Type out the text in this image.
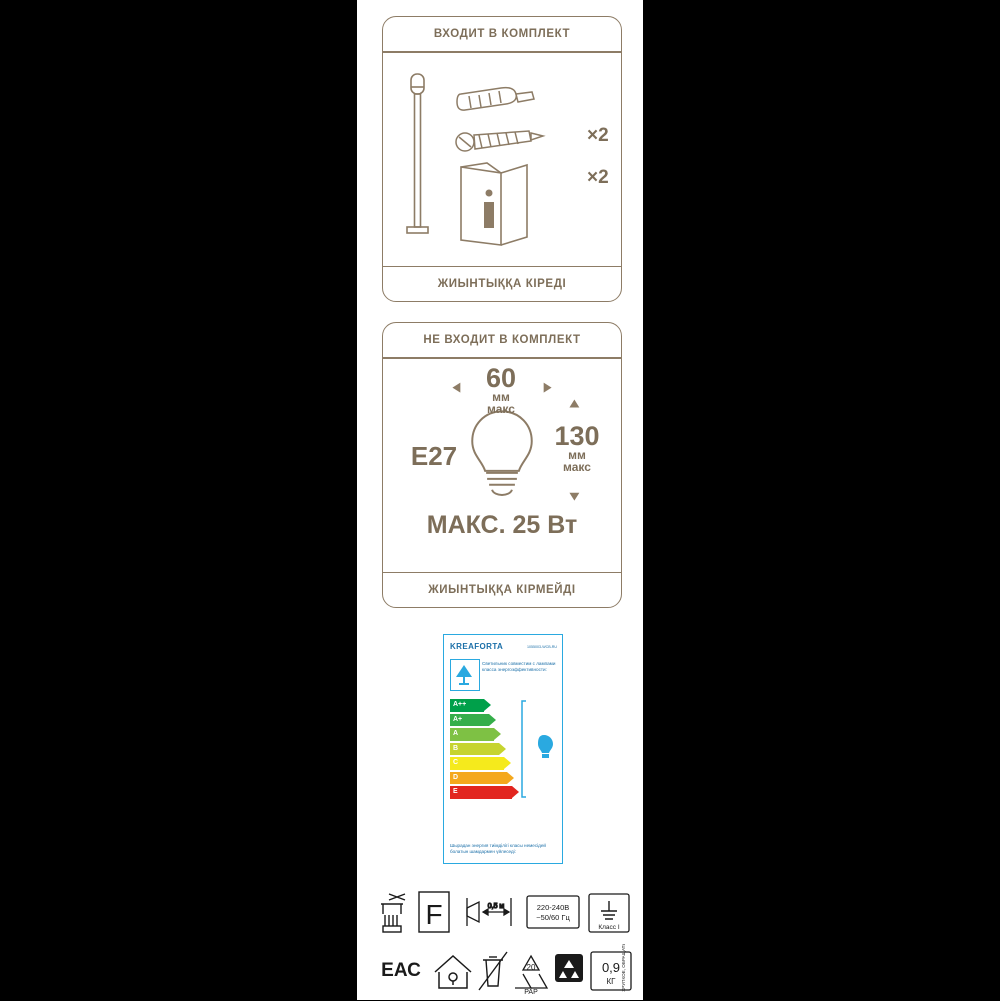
ВХОДИТ В КОМПЛЕКТ
×2
×2
ЖИЫНТЫҚҚА КІРЕДІ
НЕ ВХОДИТ В КОМПЛЕКТ
60
мм
макс
E27
130
мм
макс
МАКС. 25 Вт
ЖИЫНТЫҚҚА КІРМЕЙДІ
KREAFORTA	1055003-WCB-RU
Светильник совместим с лампами класса энергоэффективности:
A++
A+
A
B
C
D
E
Шырадан энергия тиімділігі класы немесідей болатын шамдармен үйлеседі:
F	0,5 м	220-240В
~50/60 Гц
Класс I
ЕАС	20
PAP
0,9
КГ ХРУПКОЕ, ОБРАЩАТЬСЯ ОСТОРОЖНО
